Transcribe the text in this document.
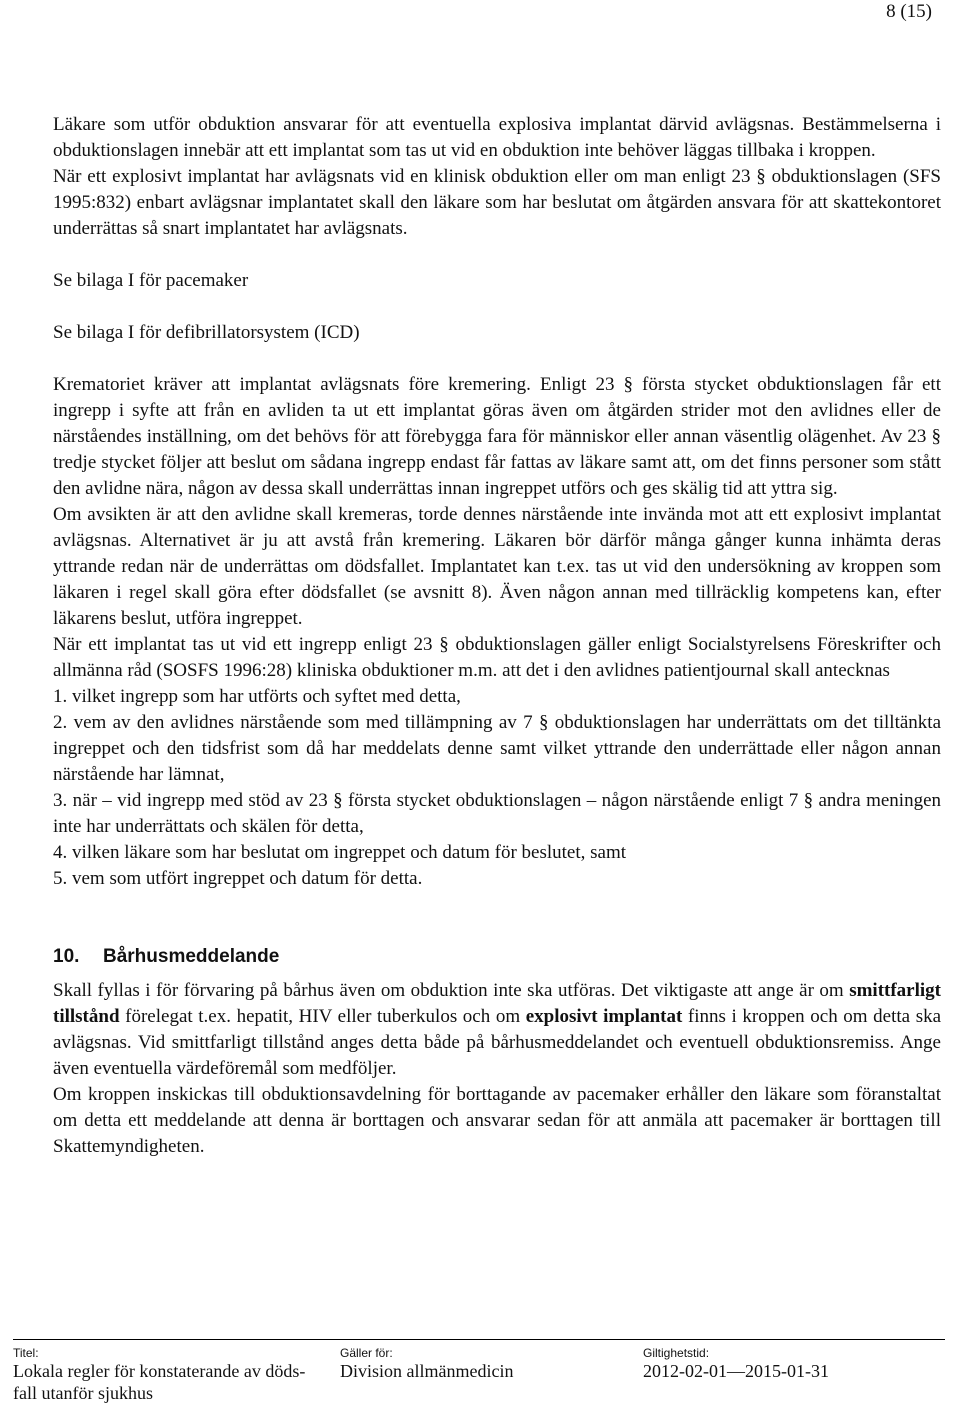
8 (15)

Läkare som utför obduktion ansvarar för att eventuella explosiva implantat därvid avlägsnas. Bestämmelserna i obduktionslagen innebär att ett implantat som tas ut vid en obduktion inte behöver läggas tillbaka i kroppen.

När ett explosivt implantat har avlägsnats vid en klinisk obduktion eller om man enligt 23 § obduktionslagen (SFS 1995:832) enbart avlägsnar implantatet skall den läkare som har beslutat om åtgärden ansvara för att skattekontoret underrättas så snart implantatet har avlägsnats.

Se bilaga I för pacemaker

Se bilaga I för defibrillatorsystem (ICD)

Krematoriet kräver att implantat avlägsnats före kremering. Enligt 23 § första stycket obduktionslagen får ett ingrepp i syfte att från en avliden ta ut ett implantat göras även om åtgärden strider mot den avlidnes eller de närståendes inställning, om det behövs för att förebygga fara för människor eller annan väsentlig olägenhet. Av 23 § tredje stycket följer att beslut om sådana ingrepp endast får fattas av läkare samt att, om det finns personer som stått den avlidne nära, någon av dessa skall underrättas innan ingreppet utförs och ges skälig tid att yttra sig.

Om avsikten är att den avlidne skall kremeras, torde dennes närstående inte invända mot att ett explosivt implantat avlägsnas. Alternativet är ju att avstå från kremering. Läkaren bör därför många gånger kunna inhämta deras yttrande redan när de underrättas om dödsfallet. Implantatet kan t.ex. tas ut vid den undersökning av kroppen som läkaren i regel skall göra efter dödsfallet (se avsnitt 8). Även någon annan med tillräcklig kompetens kan, efter läkarens beslut, utföra ingreppet.

När ett implantat tas ut vid ett ingrepp enligt 23 § obduktionslagen gäller enligt Socialstyrelsens Föreskrifter och allmänna råd (SOSFS 1996:28) kliniska obduktioner m.m. att det i den avlidnes patientjournal skall antecknas

1. vilket ingrepp som har utförts och syftet med detta,

2. vem av den avlidnes närstående som med tillämpning av 7 § obduktionslagen har underrättats om det tilltänkta ingreppet och den tidsfrist som då har meddelats denne samt vilket yttrande den underrättade eller någon annan närstående har lämnat,

3. när – vid ingrepp med stöd av 23 § första stycket obduktionslagen – någon närstående enligt 7 § andra meningen inte har underrättats och skälen för detta,

4. vilken läkare som har beslutat om ingreppet och datum för beslutet, samt

5. vem som utfört ingreppet och datum för detta.

10. Bårhusmeddelande

Skall fyllas i för förvaring på bårhus även om obduktion inte ska utföras. Det viktigaste att ange är om smittfarligt tillstånd förelegat t.ex. hepatit, HIV eller tuberkulos och om explosivt implantat finns i kroppen och om detta ska avlägsnas. Vid smittfarligt tillstånd anges detta både på bårhusmeddelandet och eventuell obduktionsremiss. Ange även eventuella värdeföremål som medföljer.

Om kroppen inskickas till obduktionsavdelning för borttagande av pacemaker erhåller den läkare som föranstaltat om detta ett meddelande att denna är borttagen och ansvarar sedan för att anmäla att pacemaker är borttagen till Skattemyndigheten.

Titel:
Lokala regler för konstaterande av döds-
fall utanför sjukhus
Gäller för:
Division allmänmedicin
Giltighetstid:
2012-02-01—2015-01-31
